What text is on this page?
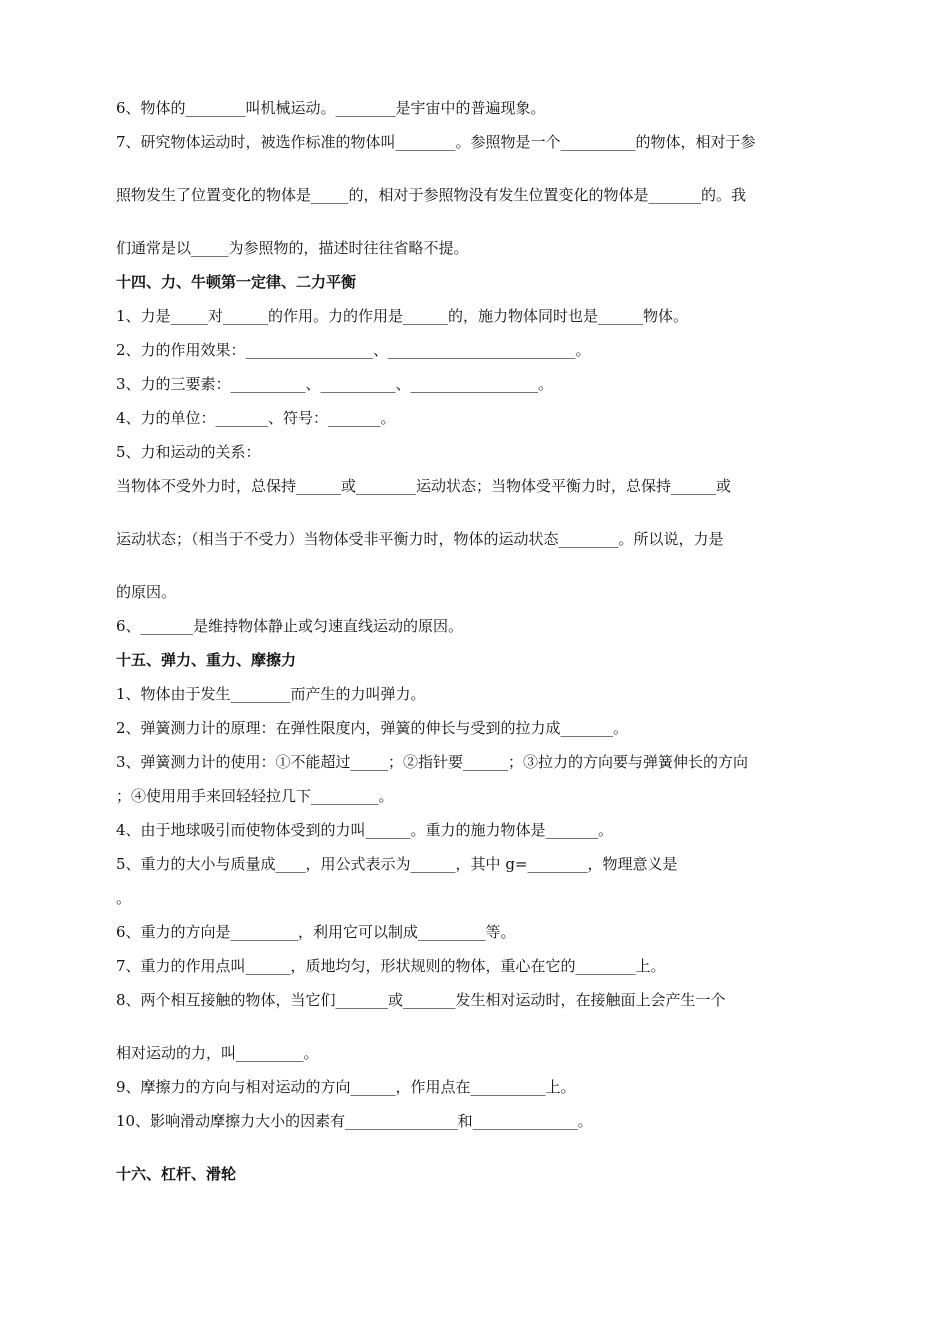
6、物体的________叫机械运动。________是宇宙中的普遍现象。

7、研究物体运动时，被选作标准的物体叫________。参照物是一个__________的物体，相对于参

照物发生了位置变化的物体是_____的，相对于参照物没有发生位置变化的物体是_______的。我

们通常是以_____为参照物的，描述时往往省略不提。

十四、力、牛顿第一定律、二力平衡

1、力是_____对______的作用。力的作用是______的，施力物体同时也是______物体。

2、力的作用效果：_________________、_________________________。

3、力的三要素：__________、__________、_________________。

4、力的单位：_______、符号：_______。

5、力和运动的关系：

当物体不受外力时，总保持______或________运动状态；当物体受平衡力时，总保持______或

运动状态；（相当于不受力）当物体受非平衡力时，物体的运动状态________。所以说，力是

的原因。

6、_______是维持物体静止或匀速直线运动的原因。

十五、弹力、重力、摩擦力

1、物体由于发生________而产生的力叫弹力。

2、弹簧测力计的原理：在弹性限度内，弹簧的伸长与受到的拉力成_______。

3、弹簧测力计的使用：①不能超过_____；②指针要______；③拉力的方向要与弹簧伸长的方向

；④使用用手来回轻轻拉几下_________。

4、由于地球吸引而使物体受到的力叫______。重力的施力物体是_______。

5、重力的大小与质量成____，用公式表示为______，其中 g=________，物理意义是

。

6、重力的方向是_________，利用它可以制成_________等。

7、重力的作用点叫______，质地均匀，形状规则的物体，重心在它的________上。

8、两个相互接触的物体，当它们_______或_______发生相对运动时，在接触面上会产生一个

相对运动的力，叫_________。

9、摩擦力的方向与相对运动的方向______，作用点在__________上。

10、影响滑动摩擦力大小的因素有_______________和______________。

十六、杠杆、滑轮
